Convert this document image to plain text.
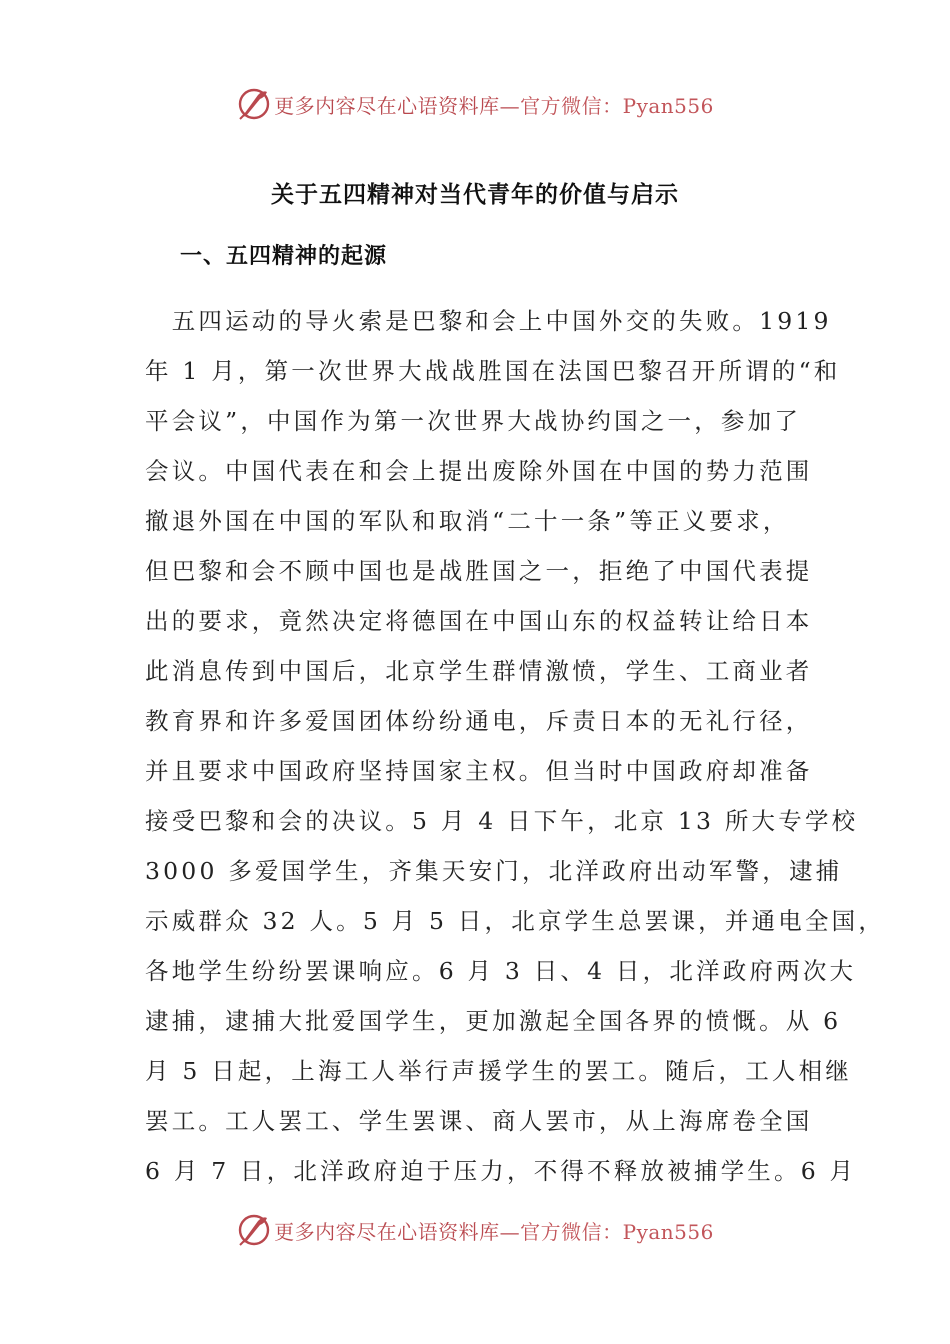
更多内容尽在心语资料库—官方微信：Pyan556
关于五四精神对当代青年的价值与启示
一、五四精神的起源
　五四运动的导火索是巴黎和会上中国外交的失败。1919
年 1 月，第一次世界大战战胜国在法国巴黎召开所谓的“和
平会议”，中国作为第一次世界大战协约国之一，参加了
会议。中国代表在和会上提出废除外国在中国的势力范围
撤退外国在中国的军队和取消“二十一条”等正义要求，
但巴黎和会不顾中国也是战胜国之一，拒绝了中国代表提
出的要求，竟然决定将德国在中国山东的权益转让给日本
此消息传到中国后，北京学生群情激愤，学生、工商业者
教育界和许多爱国团体纷纷通电，斥责日本的无礼行径，
并且要求中国政府坚持国家主权。但当时中国政府却准备
接受巴黎和会的决议。5 月 4 日下午，北京 13 所大专学校
3000 多爱国学生，齐集天安门，北洋政府出动军警，逮捕
示威群众 32 人。5 月 5 日，北京学生总罢课，并通电全国，
各地学生纷纷罢课响应。6 月 3 日、4 日，北洋政府两次大
逮捕，逮捕大批爱国学生，更加激起全国各界的愤慨。从 6
月 5 日起，上海工人举行声援学生的罢工。随后，工人相继
罢工。工人罢工、学生罢课、商人罢市，从上海席卷全国
6 月 7 日，北洋政府迫于压力，不得不释放被捕学生。6 月
更多内容尽在心语资料库—官方微信：Pyan556
